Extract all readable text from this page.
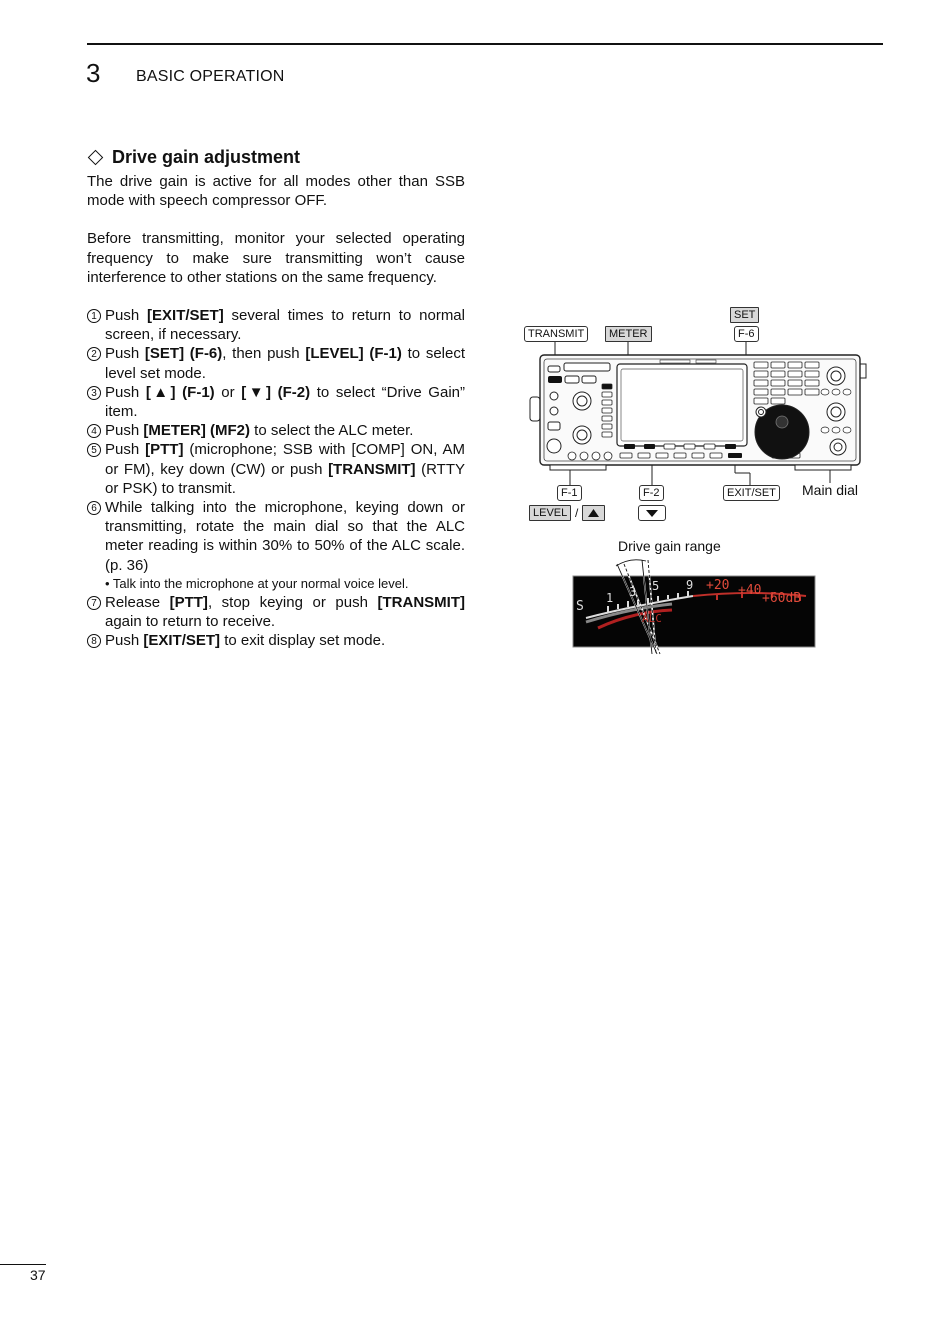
3 BASIC OPERATION
Drive gain adjustment

The drive gain is active for all modes other than SSB mode with speech compressor OFF.

Before transmitting, monitor your selected operating frequency to make sure transmitting won’t cause interference to other stations on the same frequency.

1 Push [EXIT/SET] several times to return to normal screen, if necessary.
2 Push [SET] (F-6), then push [LEVEL] (F-1) to select level set mode.
3 Push [▲] (F-1) or [▼] (F-2) to select “Drive Gain” item.
4 Push [METER] (MF2) to select the ALC meter.
5 Push [PTT] (microphone; SSB with [COMP] ON, AM or FM), key down (CW) or push [TRANSMIT] (RTTY or PSK) to transmit.
6 While talking into the microphone, keying down or transmitting, rotate the main dial so that the ALC meter reading is within 30% to 50% of the ALC scale. (p. 36)
• Talk into the microphone at your normal voice level.
7 Release [PTT], stop keying or push [TRANSMIT] again to return to receive.
8 Push [EXIT/SET] to exit display set mode.
TRANSMIT	METER
SET
F-6
F-1	F-2	EXIT/SET Main dial
LEVEL /
Drive gain range
S
1 3 5 9 +20 +40
+60dB
ALC
37
